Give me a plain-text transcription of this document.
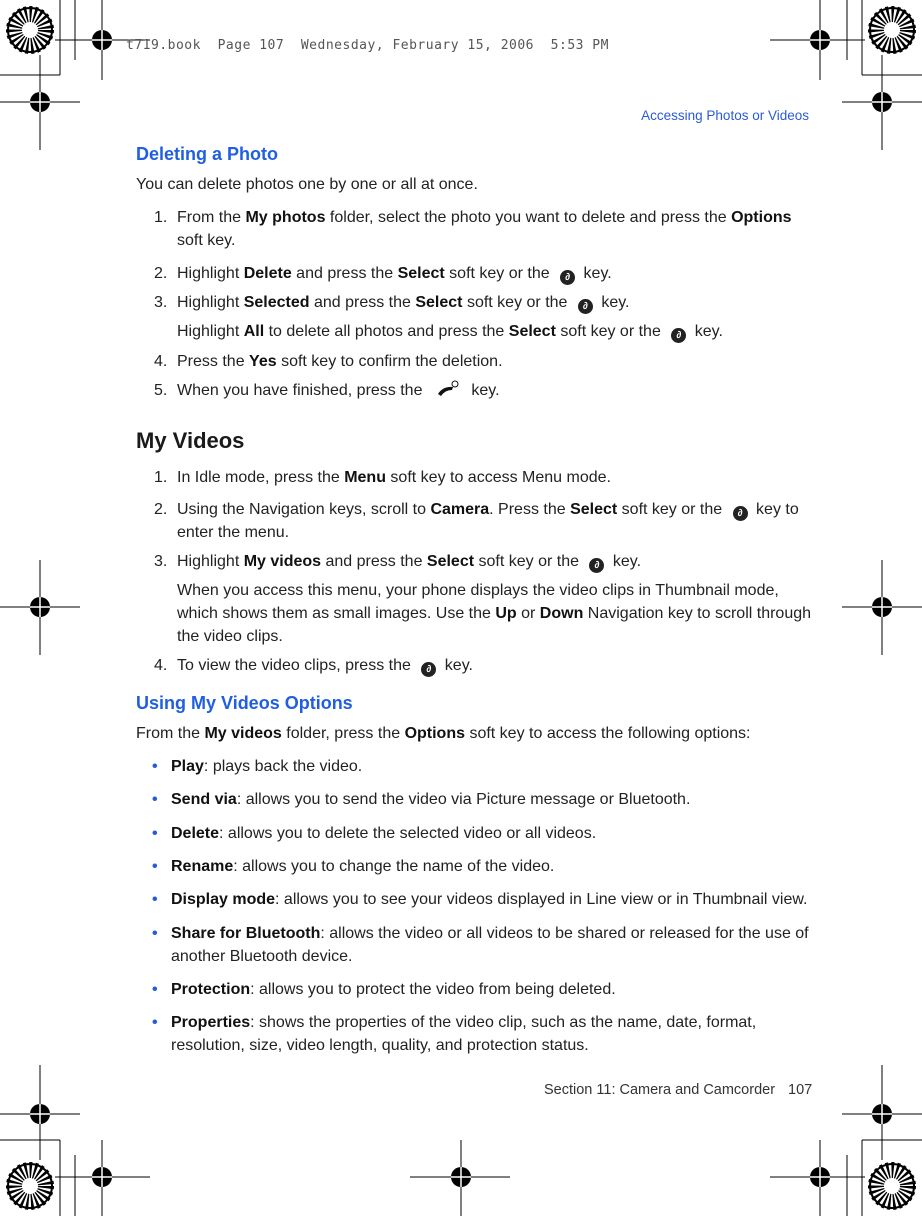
t719.book  Page 107  Wednesday, February 15, 2006  5:53 PM
Accessing Photos or Videos
Deleting a Photo
You can delete photos one by one or all at once.
1. From the My photos folder, select the photo you want to delete and press the Options soft key.
2. Highlight Delete and press the Select soft key or the ∂ key.
3. Highlight Selected and press the Select soft key or the ∂ key.
Highlight All to delete all photos and press the Select soft key or the ∂ key.
4. Press the Yes soft key to confirm the deletion.
5. When you have finished, press the	key.
My Videos
1. In Idle mode, press the Menu soft key to access Menu mode.
2. Using the Navigation keys, scroll to Camera. Press the Select soft key or the ∂ key to enter the menu.
3. Highlight My videos and press the Select soft key or the ∂ key.
When you access this menu, your phone displays the video clips in Thumbnail mode, which shows them as small images. Use the Up or Down Navigation key to scroll through the video clips.
4. To view the video clips, press the ∂ key.
Using My Videos Options
From the My videos folder, press the Options soft key to access the following options:
• Play: plays back the video.
• Send via: allows you to send the video via Picture message or Bluetooth.
• Delete: allows you to delete the selected video or all videos.
• Rename: allows you to change the name of the video.
• Display mode: allows you to see your videos displayed in Line view or in Thumbnail view.
• Share for Bluetooth: allows the video or all videos to be shared or released for the use of another Bluetooth device.
• Protection: allows you to protect the video from being deleted.
• Properties: shows the properties of the video clip, such as the name, date, format, resolution, size, video length, quality, and protection status.
Section 11: Camera and Camcorder 107
